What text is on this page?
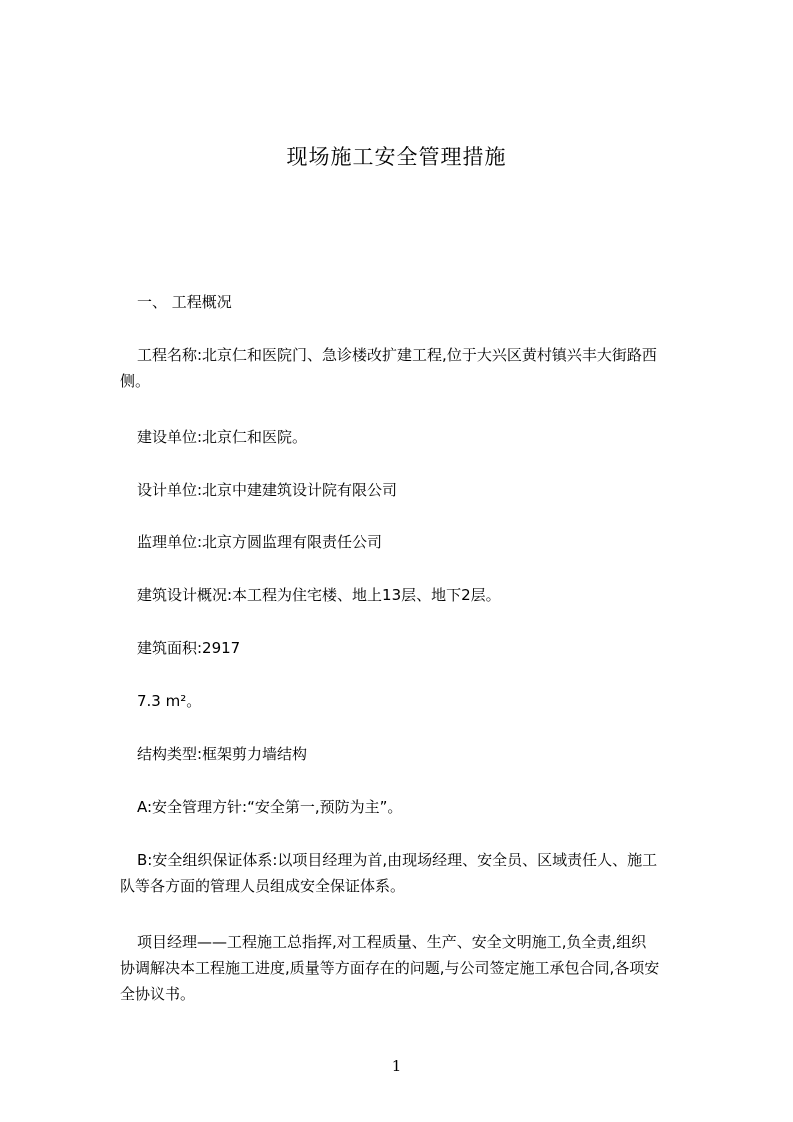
现场施工安全管理措施
一、 工程概况
工程名称:北京仁和医院门、急诊楼改扩建工程,位于大兴区黄村镇兴丰大街路西
侧。
建设单位:北京仁和医院。
设计单位:北京中建建筑设计院有限公司
监理单位:北京方圆监理有限责任公司
建筑设计概况:本工程为住宅楼、地上13层、地下2层。
建筑面积:2917
7.3 m²。
结构类型:框架剪力墙结构
A:安全管理方针:“安全第一,预防为主”。
B:安全组织保证体系:以项目经理为首,由现场经理、安全员、区域责任人、施工
队等各方面的管理人员组成安全保证体系。
项目经理——工程施工总指挥,对工程质量、生产、安全文明施工,负全责,组织
协调解决本工程施工进度,质量等方面存在的问题,与公司签定施工承包合同,各项安
全协议书。
1
